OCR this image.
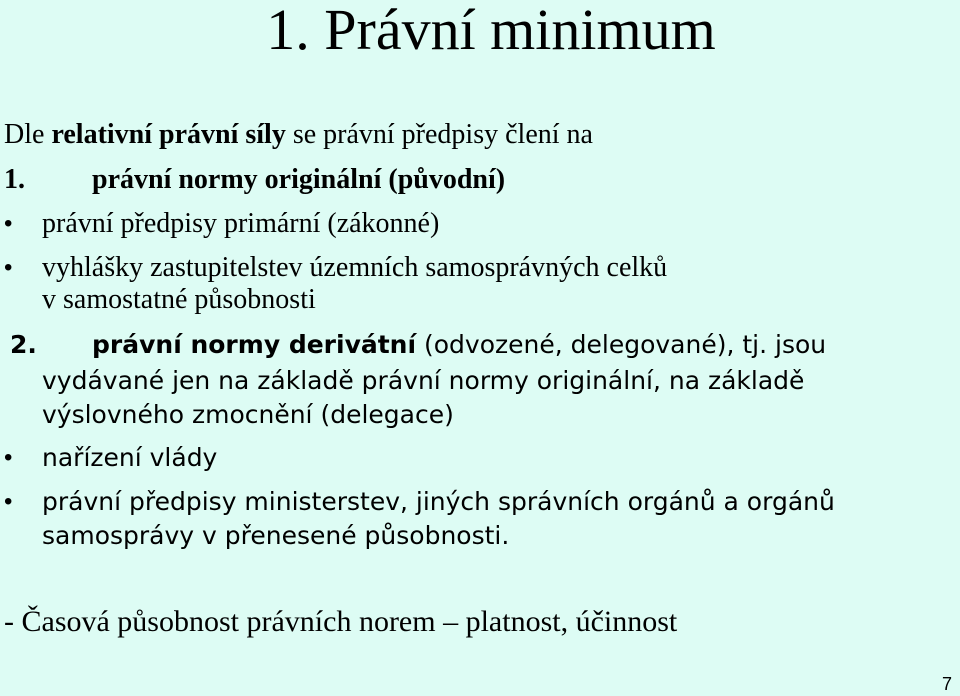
1. Právní minimum
Dle relativní právní síly se právní předpisy člení na
1. právní normy originální (původní)
• právní předpisy primární (zákonné)
• vyhlášky zastupitelstev územních samosprávných celků
v samostatné působnosti
2. právní normy derivátní (odvozené, delegované), tj. jsou
vydávané jen na základě právní normy originální, na základě
výslovného zmocnění (delegace)
• nařízení vlády
• právní předpisy ministerstev, jiných správních orgánů a orgánů
samosprávy v přenesené působnosti.
- Časová působnost právních norem – platnost, účinnost
7
